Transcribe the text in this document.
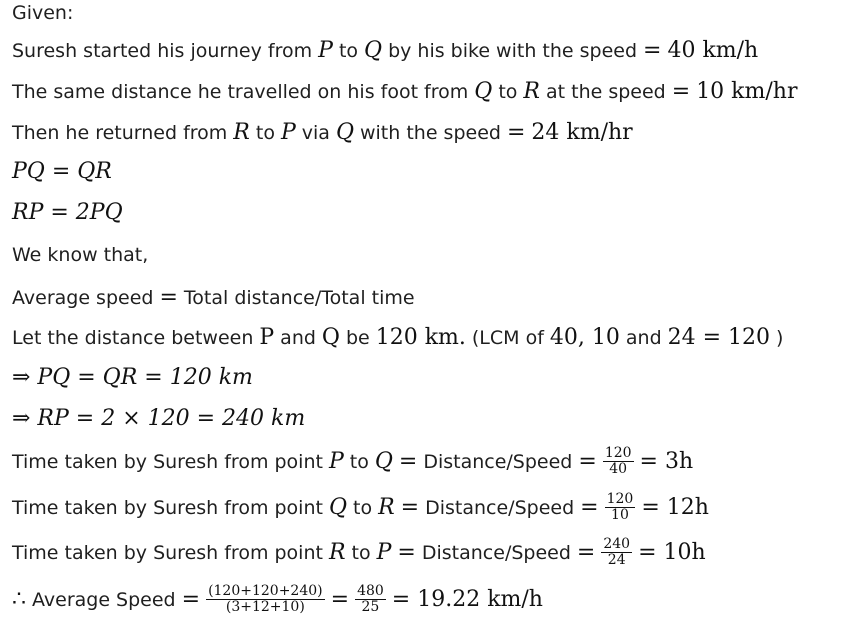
Given:
Suresh started his journey from P to Q by his bike with the speed = 40 km/h
The same distance he travelled on his foot from Q to R at the speed = 10 km/hr
Then he returned from R to P via Q with the speed = 24 km/hr
PQ = QR
RP = 2PQ
We know that,
Average speed = Total distance/Total time
Let the distance between P and Q be 120 km. (LCM of 40, 10 and 24 = 120 )
⇒ PQ = QR = 120 km
⇒ RP = 2 × 120 = 240 km
Time taken by Suresh from point P to Q = Distance/Speed = $\frac{120}{40} = 3h$
Time taken by Suresh from point Q to R = Distance/Speed = $\frac{120}{10} = 12h$
Time taken by Suresh from point R to P = Distance/Speed = $\frac{240}{24} = 10h$
∴ Average Speed = $\frac{(120+120+240)}{(3+12+10)} = \frac{480}{25} = 19.22$ km/h
